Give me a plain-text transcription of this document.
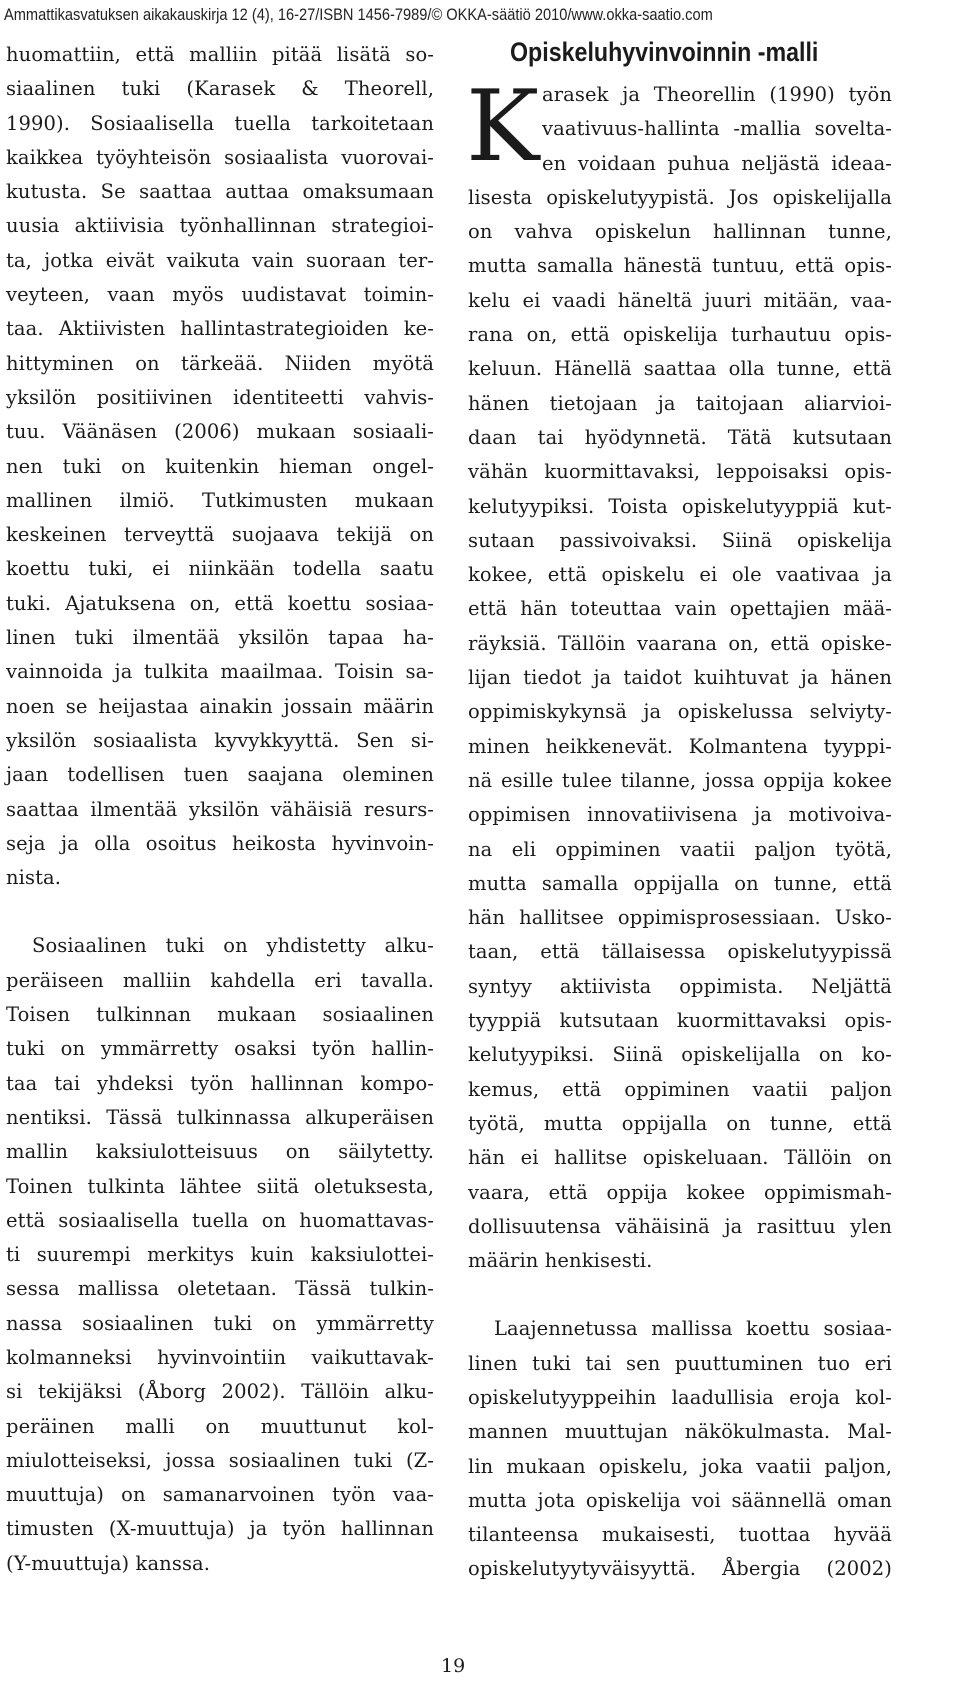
Ammattikasvatuksen aikakauskirja 12 (4), 16-27/ISBN 1456-7989/© OKKA-säätiö 2010/www.okka-saatio.com
huomattiin, että malliin pitää lisätä so-
siaalinen tuki (Karasek & Theorell,
1990). Sosiaalisella tuella tarkoitetaan
kaikkea työyhteisön sosiaalista vuorovai-
kutusta. Se saattaa auttaa omaksumaan
uusia aktiivisia työnhallinnan strategioi-
ta, jotka eivät vaikuta vain suoraan ter-
veyteen, vaan myös uudistavat toimin-
taa. Aktiivisten hallintastrategioiden ke-
hittyminen on tärkeää. Niiden myötä
yksilön positiivinen identiteetti vahvis-
tuu. Väänäsen (2006) mukaan sosiaali-
nen tuki on kuitenkin hieman ongel-
mallinen ilmiö. Tutkimusten mukaan
keskeinen terveyttä suojaava tekijä on
koettu tuki, ei niinkään todella saatu
tuki. Ajatuksena on, että koettu sosiaa-
linen tuki ilmentää yksilön tapaa ha-
vainnoida ja tulkita maailmaa. Toisin sa-
noen se heijastaa ainakin jossain määrin
yksilön sosiaalista kyvykkyyttä. Sen si-
jaan todellisen tuen saajana oleminen
saattaa ilmentää yksilön vähäisiä resurs-
seja ja olla osoitus heikosta hyvinvoin-
nista.
Sosiaalinen tuki on yhdistetty alku-
peräiseen malliin kahdella eri tavalla.
Toisen tulkinnan mukaan sosiaalinen
tuki on ymmärretty osaksi työn hallin-
taa tai yhdeksi työn hallinnan kompo-
nentiksi. Tässä tulkinnassa alkuperäisen
mallin kaksiulotteisuus on säilytetty.
Toinen tulkinta lähtee siitä oletuksesta,
että sosiaalisella tuella on huomattavas-
ti suurempi merkitys kuin kaksiulottei-
sessa mallissa oletetaan. Tässä tulkin-
nassa sosiaalinen tuki on ymmärretty
kolmanneksi hyvinvointiin vaikuttavak-
si tekijäksi (Åborg 2002). Tällöin alku-
peräinen malli on muuttunut kol-
miulotteiseksi, jossa sosiaalinen tuki (Z-
muuttuja) on samanarvoinen työn vaa-
timusten (X-muuttuja) ja työn hallinnan
(Y-muuttuja) kanssa.
Opiskeluhyvinvoinnin -malli
K arasek ja Theorellin (1990) työn
vaativuus-hallinta -mallia sovelta-
en voidaan puhua neljästä ideaa-
lisesta opiskelutyypistä. Jos opiskelijalla
on vahva opiskelun hallinnan tunne,
mutta samalla hänestä tuntuu, että opis-
kelu ei vaadi häneltä juuri mitään, vaa-
rana on, että opiskelija turhautuu opis-
keluun. Hänellä saattaa olla tunne, että
hänen tietojaan ja taitojaan aliarvioi-
daan tai hyödynnetä. Tätä kutsutaan
vähän kuormittavaksi, leppoisaksi opis-
kelutyypiksi. Toista opiskelutyyppiä kut-
sutaan passivoivaksi. Siinä opiskelija
kokee, että opiskelu ei ole vaativaa ja
että hän toteuttaa vain opettajien mää-
räyksiä. Tällöin vaarana on, että opiske-
lijan tiedot ja taidot kuihtuvat ja hänen
oppimiskykynsä ja opiskelussa selviyty-
minen heikkenevät. Kolmantena tyyppi-
nä esille tulee tilanne, jossa oppija kokee
oppimisen innovatiivisena ja motivoiva-
na eli oppiminen vaatii paljon työtä,
mutta samalla oppijalla on tunne, että
hän hallitsee oppimisprosessiaan. Usko-
taan, että tällaisessa opiskelutyypissä
syntyy aktiivista oppimista. Neljättä
tyyppiä kutsutaan kuormittavaksi opis-
kelutyypiksi. Siinä opiskelijalla on ko-
kemus, että oppiminen vaatii paljon
työtä, mutta oppijalla on tunne, että
hän ei hallitse opiskeluaan. Tällöin on
vaara, että oppija kokee oppimismah-
dollisuutensa vähäisinä ja rasittuu ylen
määrin henkisesti.
Laajennetussa mallissa koettu sosiaa-
linen tuki tai sen puuttuminen tuo eri
opiskelutyyppeihin laadullisia eroja kol-
mannen muuttujan näkökulmasta. Mal-
lin mukaan opiskelu, joka vaatii paljon,
mutta jota opiskelija voi säännellä oman
tilanteensa mukaisesti, tuottaa hyvää
opiskelutyytyväisyyttä. Åbergia (2002)
19
